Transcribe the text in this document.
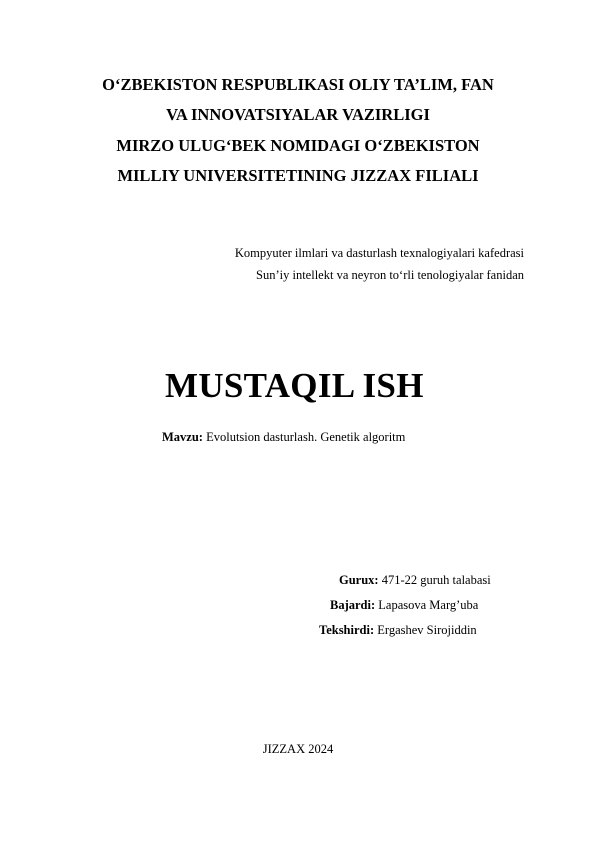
O‘ZBEKISTON RESPUBLIKASI OLIY TA’LIM, FAN
VA INNOVATSIYALAR VAZIRLIGI
MIRZO ULUG‘BEK NOMIDAGI O‘ZBEKISTON
MILLIY UNIVERSITETINING JIZZAX FILIALI
Kompyuter ilmlari va dasturlash texnalogiyalari kafedrasi
Sun’iy intellekt va neyron to‘rli tenologiyalar fanidan
MUSTAQIL ISH
Mavzu: Evolutsion dasturlash. Genetik algoritm
Gurux: 471-22 guruh talabasi
Bajardi: Lapasova Marg’uba
Tekshirdi: Ergashev Sirojiddin
JIZZAX 2024
